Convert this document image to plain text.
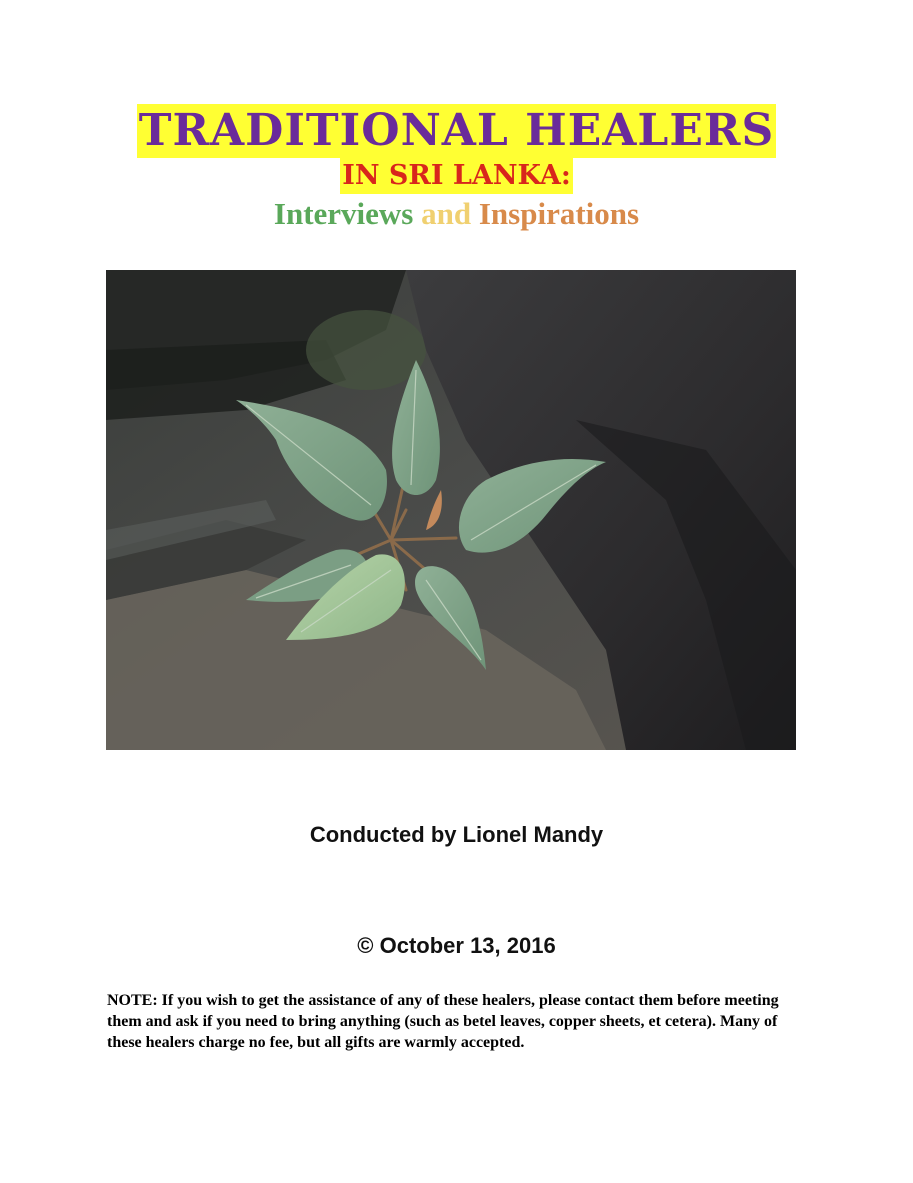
TRADITIONAL HEALERS
IN SRI LANKA:
Interviews and Inspirations
Conducted by Lionel Mandy
© October 13, 2016
NOTE: If you wish to get the assistance of any of these healers, please contact them before meeting them and ask if you need to bring anything (such as betel leaves, copper sheets, et cetera). Many of these healers charge no fee, but all gifts are warmly accepted.
